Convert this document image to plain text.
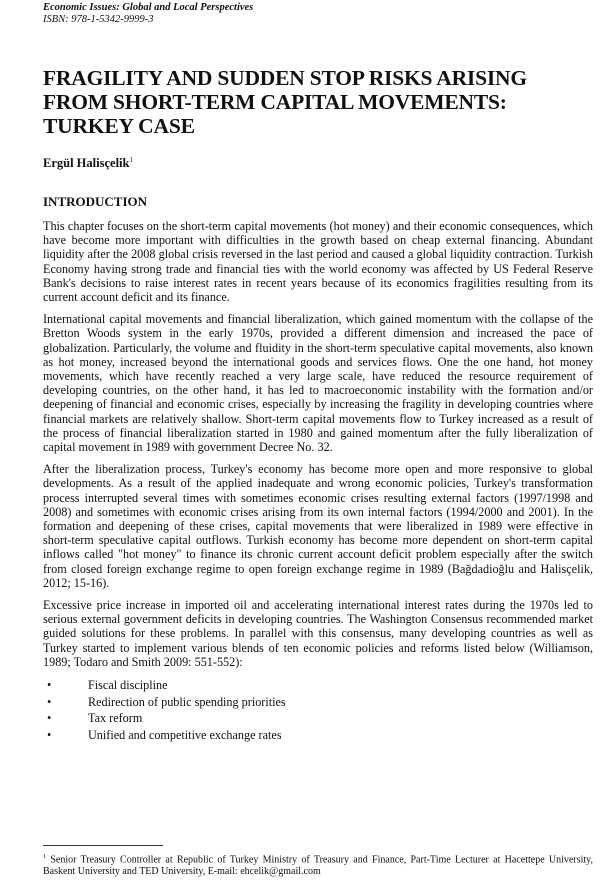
Economic Issues: Global and Local Perspectives
ISBN: 978-1-5342-9999-3
FRAGILITY AND SUDDEN STOP RISKS ARISING FROM SHORT-TERM CAPITAL MOVEMENTS: TURKEY CASE
Ergül Halisçelik$^1$
INTRODUCTION

This chapter focuses on the short-term capital movements (hot money) and their economic consequences, which have become more important with difficulties in the growth based on cheap external financing. Abundant liquidity after the 2008 global crisis reversed in the last period and caused a global liquidity contraction. Turkish Economy having strong trade and financial ties with the world economy was affected by US Federal Reserve Bank's decisions to raise interest rates in recent years because of its economics fragilities resulting from its current account deficit and its finance.

International capital movements and financial liberalization, which gained momentum with the collapse of the Bretton Woods system in the early 1970s, provided a different dimension and increased the pace of globalization. Particularly, the volume and fluidity in the short-term speculative capital movements, also known as hot money, increased beyond the international goods and services flows. One the one hand, hot money movements, which have recently reached a very large scale, have reduced the resource requirement of developing countries, on the other hand, it has led to macroeconomic instability with the formation and/or deepening of financial and economic crises, especially by increasing the fragility in developing countries where financial markets are relatively shallow. Short-term capital movements flow to Turkey increased as a result of the process of financial liberalization started in 1980 and gained momentum after the fully liberalization of capital movement in 1989 with government Decree No. 32.

After the liberalization process, Turkey's economy has become more open and more responsive to global developments. As a result of the applied inadequate and wrong economic policies, Turkey's transformation process interrupted several times with sometimes economic crises resulting external factors (1997/1998 and 2008) and sometimes with economic crises arising from its own internal factors (1994/2000 and 2001). In the formation and deepening of these crises, capital movements that were liberalized in 1989 were effective in short-term speculative capital outflows. Turkish economy has become more dependent on short-term capital inflows called "hot money" to finance its chronic current account deficit problem especially after the switch from closed foreign exchange regime to open foreign exchange regime in 1989 (Bağdadioğlu and Halisçelik, 2012; 15-16).

Excessive price increase in imported oil and accelerating international interest rates during the 1970s led to serious external government deficits in developing countries. The Washington Consensus recommended market guided solutions for these problems. In parallel with this consensus, many developing countries as well as Turkey started to implement various blends of ten economic policies and reforms listed below (Williamson, 1989; Todaro and Smith 2009: 551-552):

•	Fiscal discipline
•	Redirection of public spending priorities
•	Tax reform
•	Unified and competitive exchange rates
$^1$ Senior Treasury Controller at Republic of Turkey Ministry of Treasury and Finance, Part-Time Lecturer at Hacettepe University, Baskent University and TED University, E-mail: ehcelik@gmail.com
